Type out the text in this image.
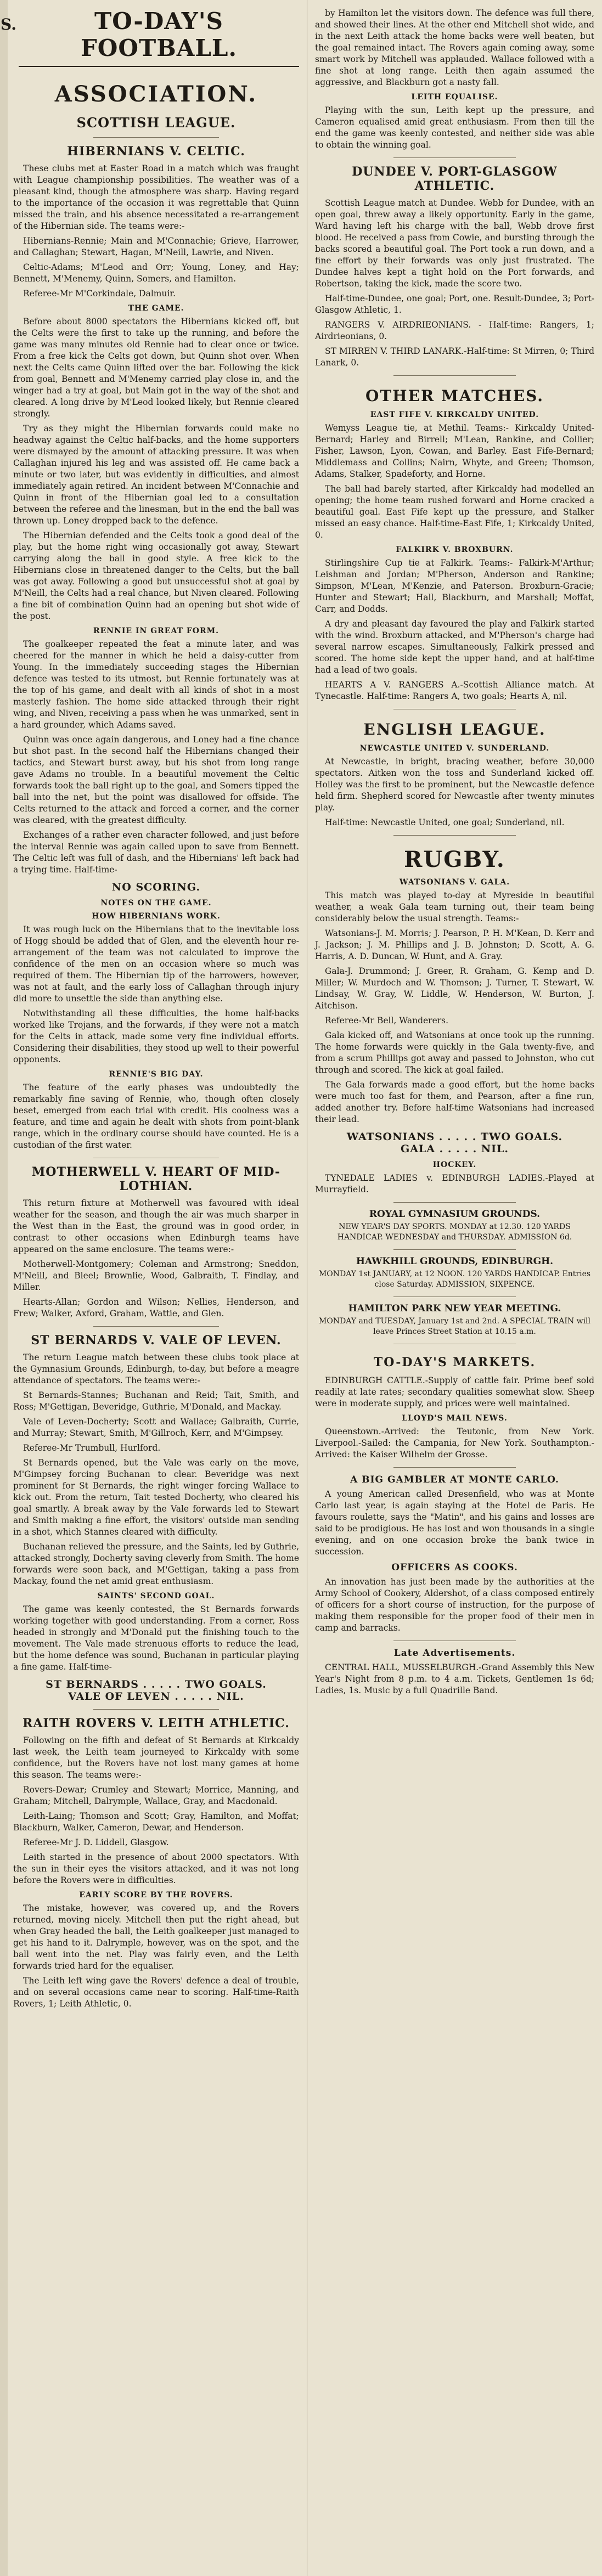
S.	TO-DAY'S FOOTBALL.
ASSOCIATION.
SCOTTISH LEAGUE.
HIBERNIANS V. CELTIC.

These clubs met at Easter Road in a match which was fraught with League championship possibilities. The weather was of a pleasant kind, though the atmosphere was sharp. Having regard to the importance of the occasion it was regrettable that Quinn missed the train, and his absence necessitated a re-arrangement of the Hibernian side. The teams were:-

Hibernians-Rennie; Main and M'Connachie; Grieve, Harrower, and Callaghan; Stewart, Hagan, M'Neill, Lawrie, and Niven.

Celtic-Adams; M'Leod and Orr; Young, Loney, and Hay; Bennett, M'Menemy, Quinn, Somers, and Hamilton.

Referee-Mr M'Corkindale, Dalmuir.

THE GAME.

Before about 8000 spectators the Hibernians kicked off, but the Celts were the first to take up the running, and before the game was many minutes old Rennie had to clear once or twice. From a free kick the Celts got down, but Quinn shot over. When next the Celts came Quinn lifted over the bar. Following the kick from goal, Bennett and M'Menemy carried play close in, and the winger had a try at goal, but Main got in the way of the shot and cleared. A long drive by M'Leod looked likely, but Rennie cleared strongly.

Try as they might the Hibernian forwards could make no headway against the Celtic half-backs, and the home supporters were dismayed by the amount of attacking pressure. It was when Callaghan injured his leg and was assisted off. He came back a minute or two later, but was evidently in difficulties, and almost immediately again retired. An incident between M'Connachie and Quinn in front of the Hibernian goal led to a consultation between the referee and the linesman, but in the end the ball was thrown up. Loney dropped back to the defence.

The Hibernian defended and the Celts took a good deal of the play, but the home right wing occasionally got away, Stewart carrying along the ball in good style. A free kick to the Hibernians close in threatened danger to the Celts, but the ball was got away. Following a good but unsuccessful shot at goal by M'Neill, the Celts had a real chance, but Niven cleared. Following a fine bit of combination Quinn had an opening but shot wide of the post.

RENNIE IN GREAT FORM.

The goalkeeper repeated the feat a minute later, and was cheered for the manner in which he held a daisy-cutter from Young. In the immediately succeeding stages the Hibernian defence was tested to its utmost, but Rennie fortunately was at the top of his game, and dealt with all kinds of shot in a most masterly fashion. The home side attacked through their right wing, and Niven, receiving a pass when he was unmarked, sent in a hard grounder, which Adams saved.

Quinn was once again dangerous, and Loney had a fine chance but shot past. In the second half the Hibernians changed their tactics, and Stewart burst away, but his shot from long range gave Adams no trouble. In a beautiful movement the Celtic forwards took the ball right up to the goal, and Somers tipped the ball into the net, but the point was disallowed for offside. The Celts returned to the attack and forced a corner, and the corner was cleared, with the greatest difficulty.

Exchanges of a rather even character followed, and just before the interval Rennie was again called upon to save from Bennett. The Celtic left was full of dash, and the Hibernians' left back had a trying time. Half-time-

NO SCORING.
NOTES ON THE GAME.
HOW HIBERNIANS WORK.

It was rough luck on the Hibernians that to the inevitable loss of Hogg should be added that of Glen, and the eleventh hour re-arrangement of the team was not calculated to improve the confidence of the men on an occasion where so much was required of them. The Hibernian tip of the harrowers, however, was not at fault, and the early loss of Callaghan through injury did more to unsettle the side than anything else.

Notwithstanding all these difficulties, the home half-backs worked like Trojans, and the forwards, if they were not a match for the Celts in attack, made some very fine individual efforts. Considering their disabilities, they stood up well to their powerful opponents.

RENNIE'S BIG DAY.

The feature of the early phases was undoubtedly the remarkably fine saving of Rennie, who, though often closely beset, emerged from each trial with credit. His coolness was a feature, and time and again he dealt with shots from point-blank range, which in the ordinary course should have counted. He is a custodian of the first water.

MOTHERWELL V. HEART OF MID-LOTHIAN.

This return fixture at Motherwell was favoured with ideal weather for the season, and though the air was much sharper in the West than in the East, the ground was in good order, in contrast to other occasions when Edinburgh teams have appeared on the same enclosure. The teams were:-

Motherwell-Montgomery; Coleman and Armstrong; Sneddon, M'Neill, and Bleel; Brownlie, Wood, Galbraith, T. Findlay, and Miller.

Hearts-Allan; Gordon and Wilson; Nellies, Henderson, and Frew; Walker, Axford, Graham, Wattie, and Glen.

ST BERNARDS V. VALE OF LEVEN.

The return League match between these clubs took place at the Gymnasium Grounds, Edinburgh, to-day, but before a meagre attendance of spectators. The teams were:-

St Bernards-Stannes; Buchanan and Reid; Tait, Smith, and Ross; M'Gettigan, Beveridge, Guthrie, M'Donald, and Mackay.

Vale of Leven-Docherty; Scott and Wallace; Galbraith, Currie, and Murray; Stewart, Smith, M'Gillroch, Kerr, and M'Gimpsey.

Referee-Mr Trumbull, Hurlford.

St Bernards opened, but the Vale was early on the move, M'Gimpsey forcing Buchanan to clear. Beveridge was next prominent for St Bernards, the right winger forcing Wallace to kick out. From the return, Tait tested Docherty, who cleared his goal smartly. A break away by the Vale forwards led to Stewart and Smith making a fine effort, the visitors' outside man sending in a shot, which Stannes cleared with difficulty.

Buchanan relieved the pressure, and the Saints, led by Guthrie, attacked strongly, Docherty saving cleverly from Smith. The home forwards were soon back, and M'Gettigan, taking a pass from Mackay, found the net amid great enthusiasm.

SAINTS' SECOND GOAL.

The game was keenly contested, the St Bernards forwards working together with good understanding. From a corner, Ross headed in strongly and M'Donald put the finishing touch to the movement. The Vale made strenuous efforts to reduce the lead, but the home defence was sound, Buchanan in particular playing a fine game. Half-time-

ST BERNARDS . . . . . TWO GOALS.
VALE OF LEVEN . . . . . NIL.
RAITH ROVERS V. LEITH ATHLETIC.

Following on the fifth and defeat of St Bernards at Kirkcaldy last week, the Leith team journeyed to Kirkcaldy with some confidence, but the Rovers have not lost many games at home this season. The teams were:-

Rovers-Dewar; Crumley and Stewart; Morrice, Manning, and Graham; Mitchell, Dalrymple, Wallace, Gray, and Macdonald.

Leith-Laing; Thomson and Scott; Gray, Hamilton, and Moffat; Blackburn, Walker, Cameron, Dewar, and Henderson.

Referee-Mr J. D. Liddell, Glasgow.

Leith started in the presence of about 2000 spectators. With the sun in their eyes the visitors attacked, and it was not long before the Rovers were in difficulties.

EARLY SCORE BY THE ROVERS.

The mistake, however, was covered up, and the Rovers returned, moving nicely. Mitchell then put the right ahead, but when Gray headed the ball, the Leith goalkeeper just managed to get his hand to it. Dalrymple, however, was on the spot, and the ball went into the net. Play was fairly even, and the Leith forwards tried hard for the equaliser.

The Leith left wing gave the Rovers' defence a deal of trouble, and on several occasions came near to scoring. Half-time-Raith Rovers, 1; Leith Athletic, 0.

by Hamilton let the visitors down. The defence was full there, and showed their lines. At the other end Mitchell shot wide, and in the next Leith attack the home backs were well beaten, but the goal remained intact. The Rovers again coming away, some smart work by Mitchell was applauded. Wallace followed with a fine shot at long range. Leith then again assumed the aggressive, and Blackburn got a nasty fall.

LEITH EQUALISE.

Playing with the sun, Leith kept up the pressure, and Cameron equalised amid great enthusiasm. From then till the end the game was keenly contested, and neither side was able to obtain the winning goal.

DUNDEE V. PORT-GLASGOW ATHLETIC.

Scottish League match at Dundee. Webb for Dundee, with an open goal, threw away a likely opportunity. Early in the game, Ward having left his charge with the ball, Webb drove first blood. He received a pass from Cowie, and bursting through the backs scored a beautiful goal. The Port took a run down, and a fine effort by their forwards was only just frustrated. The Dundee halves kept a tight hold on the Port forwards, and Robertson, taking the kick, made the score two.

Half-time-Dundee, one goal; Port, one. Result-Dundee, 3; Port-Glasgow Athletic, 1.

RANGERS V. AIRDRIEONIANS. - Half-time: Rangers, 1; Airdrieonians, 0.

ST MIRREN V. THIRD LANARK.-Half-time: St Mirren, 0; Third Lanark, 0.

OTHER MATCHES.
EAST FIFE V. KIRKCALDY UNITED.

Wemyss League tie, at Methil. Teams:- Kirkcaldy United-Bernard; Harley and Birrell; M'Lean, Rankine, and Collier; Fisher, Lawson, Lyon, Cowan, and Barley. East Fife-Bernard; Middlemass and Collins; Nairn, Whyte, and Green; Thomson, Adams, Stalker, Spadeforty, and Horne.

The ball had barely started, after Kirkcaldy had modelled an opening; the home team rushed forward and Horne cracked a beautiful goal. East Fife kept up the pressure, and Stalker missed an easy chance. Half-time-East Fife, 1; Kirkcaldy United, 0.

FALKIRK V. BROXBURN.

Stirlingshire Cup tie at Falkirk. Teams:- Falkirk-M'Arthur; Leishman and Jordan; M'Pherson, Anderson and Rankine; Simpson, M'Lean, M'Kenzie, and Paterson. Broxburn-Gracie; Hunter and Stewart; Hall, Blackburn, and Marshall; Moffat, Carr, and Dodds.

A dry and pleasant day favoured the play and Falkirk started with the wind. Broxburn attacked, and M'Pherson's charge had several narrow escapes. Simultaneously, Falkirk pressed and scored. The home side kept the upper hand, and at half-time had a lead of two goals.

HEARTS A V. RANGERS A.-Scottish Alliance match. At Tynecastle. Half-time: Rangers A, two goals; Hearts A, nil.

ENGLISH LEAGUE.
NEWCASTLE UNITED V. SUNDERLAND.

At Newcastle, in bright, bracing weather, before 30,000 spectators. Aitken won the toss and Sunderland kicked off. Holley was the first to be prominent, but the Newcastle defence held firm. Shepherd scored for Newcastle after twenty minutes play.

Half-time: Newcastle United, one goal; Sunderland, nil.

RUGBY.
WATSONIANS V. GALA.

This match was played to-day at Myreside in beautiful weather, a weak Gala team turning out, their team being considerably below the usual strength. Teams:-

Watsonians-J. M. Morris; J. Pearson, P. H. M'Kean, D. Kerr and J. Jackson; J. M. Phillips and J. B. Johnston; D. Scott, A. G. Harris, A. D. Duncan, W. Hunt, and A. Gray.

Gala-J. Drummond; J. Greer, R. Graham, G. Kemp and D. Miller; W. Murdoch and W. Thomson; J. Turner, T. Stewart, W. Lindsay, W. Gray, W. Liddle, W. Henderson, W. Burton, J. Aitchison.

Referee-Mr Bell, Wanderers.

Gala kicked off, and Watsonians at once took up the running. The home forwards were quickly in the Gala twenty-five, and from a scrum Phillips got away and passed to Johnston, who cut through and scored. The kick at goal failed.

The Gala forwards made a good effort, but the home backs were much too fast for them, and Pearson, after a fine run, added another try. Before half-time Watsonians had increased their lead.

WATSONIANS . . . . . TWO GOALS.
GALA . . . . . NIL.
HOCKEY.

TYNEDALE LADIES v. EDINBURGH LADIES.-Played at Murrayfield.

ROYAL GYMNASIUM GROUNDS.
NEW YEAR'S DAY SPORTS. MONDAY at 12.30. 120 YARDS HANDICAP. WEDNESDAY and THURSDAY. ADMISSION 6d.
HAWKHILL GROUNDS, EDINBURGH.
MONDAY 1st JANUARY, at 12 NOON. 120 YARDS HANDICAP. Entries close Saturday. ADMISSION, SIXPENCE.
HAMILTON PARK NEW YEAR MEETING.
MONDAY and TUESDAY, January 1st and 2nd. A SPECIAL TRAIN will leave Princes Street Station at 10.15 a.m.
TO-DAY'S MARKETS.

EDINBURGH CATTLE.-Supply of cattle fair. Prime beef sold readily at late rates; secondary qualities somewhat slow. Sheep were in moderate supply, and prices were well maintained.

LLOYD'S MAIL NEWS.

Queenstown.-Arrived: the Teutonic, from New York. Liverpool.-Sailed: the Campania, for New York. Southampton.-Arrived: the Kaiser Wilhelm der Grosse.

A BIG GAMBLER AT MONTE CARLO.

A young American called Dresenfield, who was at Monte Carlo last year, is again staying at the Hotel de Paris. He favours roulette, says the "Matin", and his gains and losses are said to be prodigious. He has lost and won thousands in a single evening, and on one occasion broke the bank twice in succession.

OFFICERS AS COOKS.

An innovation has just been made by the authorities at the Army School of Cookery, Aldershot, of a class composed entirely of officers for a short course of instruction, for the purpose of making them responsible for the proper food of their men in camp and barracks.

Late Advertisements.

CENTRAL HALL, MUSSELBURGH.-Grand Assembly this New Year's Night from 8 p.m. to 4 a.m. Tickets, Gentlemen 1s 6d; Ladies, 1s. Music by a full Quadrille Band.
